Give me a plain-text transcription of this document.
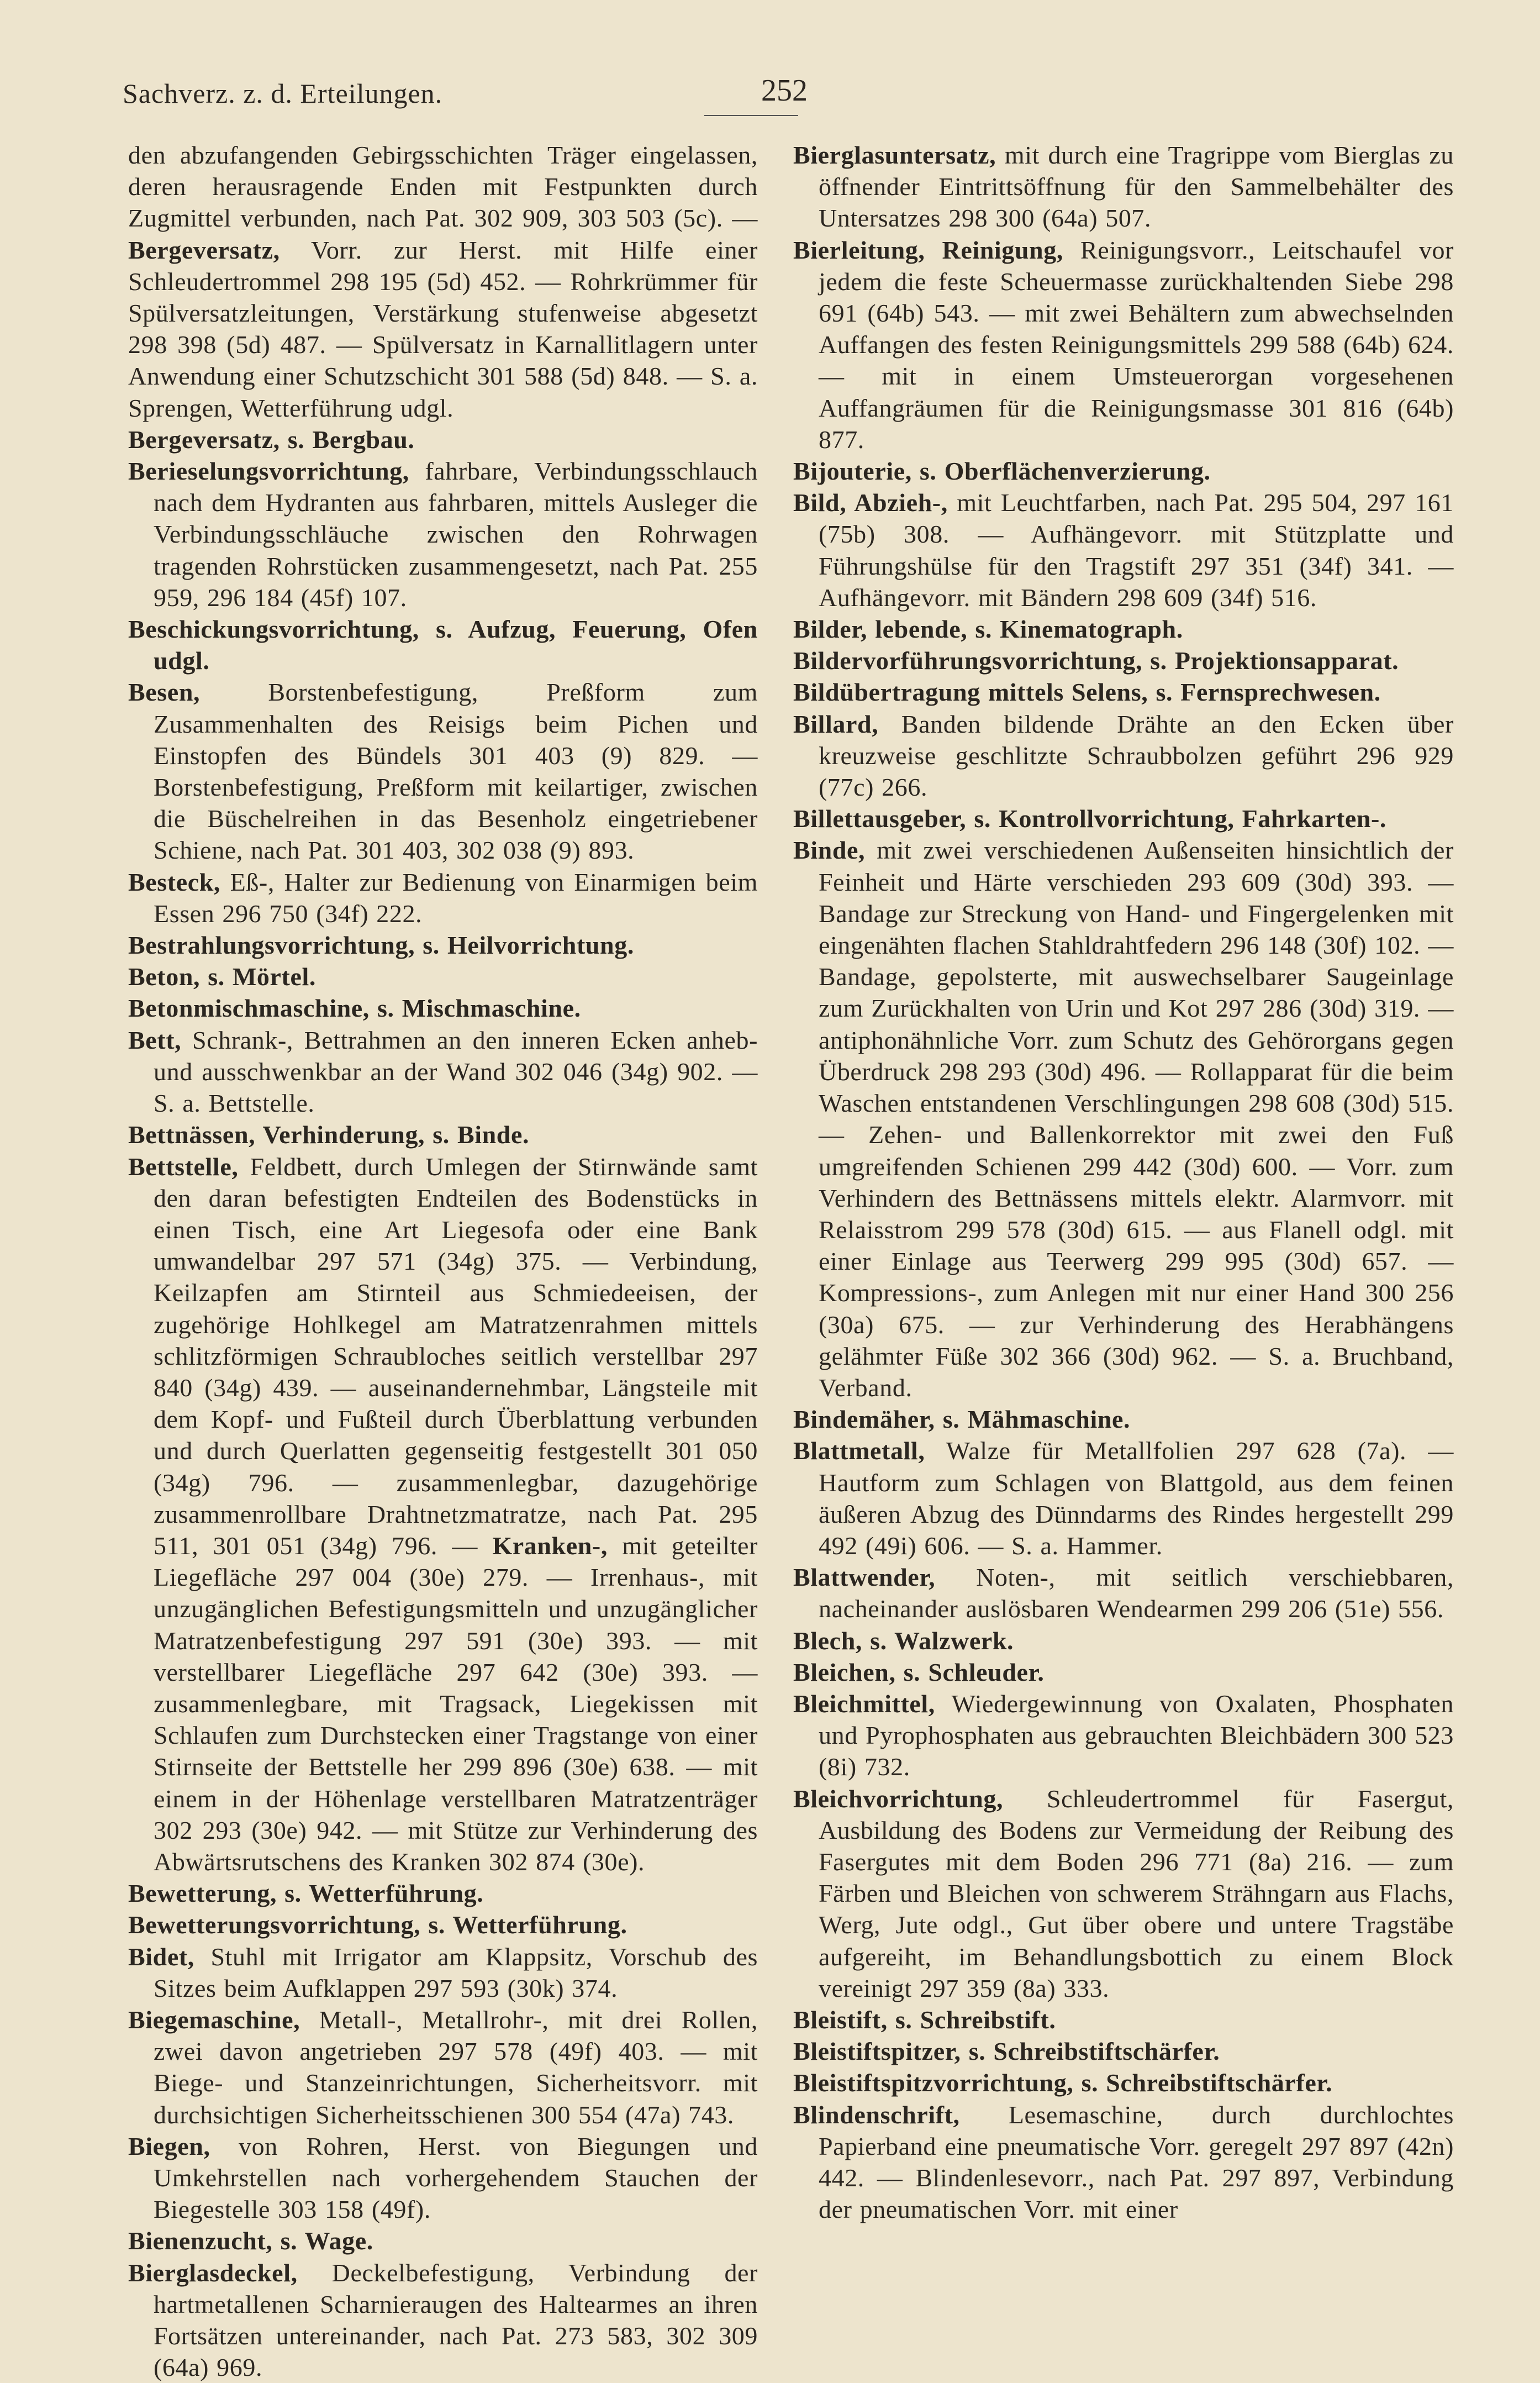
Sachverz. z. d. Erteilungen.	252

den abzufangenden Gebirgsschichten Träger eingelassen, deren herausragende Enden mit Festpunkten durch Zugmittel verbunden, nach Pat. 302 909, 303 503 (5c). — Bergeversatz, Vorr. zur Herst. mit Hilfe einer Schleudertrommel 298 195 (5d) 452. — Rohrkrümmer für Spülversatzleitungen, Verstärkung stufenweise abgesetzt 298 398 (5d) 487. — Spülversatz in Karnallitlagern unter Anwendung einer Schutzschicht 301 588 (5d) 848. — S. a. Sprengen, Wetterführung udgl.

Bergeversatz, s. Bergbau.

Berieselungsvorrichtung, fahrbare, Verbindungsschlauch nach dem Hydranten aus fahrbaren, mittels Ausleger die Verbindungsschläuche zwischen den Rohrwagen tragenden Rohrstücken zusammengesetzt, nach Pat. 255 959, 296 184 (45f) 107.

Beschickungsvorrichtung, s. Aufzug, Feuerung, Ofen udgl.

Besen, Borstenbefestigung, Preßform zum Zusammenhalten des Reisigs beim Pichen und Einstopfen des Bündels 301 403 (9) 829. — Borstenbefestigung, Preßform mit keilartiger, zwischen die Büschelreihen in das Besenholz eingetriebener Schiene, nach Pat. 301 403, 302 038 (9) 893.

Besteck, Eß-, Halter zur Bedienung von Einarmigen beim Essen 296 750 (34f) 222.

Bestrahlungsvorrichtung, s. Heilvorrichtung.

Beton, s. Mörtel.

Betonmischmaschine, s. Mischmaschine.

Bett, Schrank-, Bettrahmen an den inneren Ecken anheb- und ausschwenkbar an der Wand 302 046 (34g) 902. — S. a. Bettstelle.

Bettnässen, Verhinderung, s. Binde.

Bettstelle, Feldbett, durch Umlegen der Stirnwände samt den daran befestigten Endteilen des Bodenstücks in einen Tisch, eine Art Liegesofa oder eine Bank umwandelbar 297 571 (34g) 375. — Verbindung, Keilzapfen am Stirnteil aus Schmiedeeisen, der zugehörige Hohlkegel am Matratzenrahmen mittels schlitzförmigen Schraubloches seitlich verstellbar 297 840 (34g) 439. — auseinandernehmbar, Längsteile mit dem Kopf- und Fußteil durch Überblattung verbunden und durch Querlatten gegenseitig festgestellt 301 050 (34g) 796. — zusammenlegbar, dazugehörige zusammenrollbare Drahtnetzmatratze, nach Pat. 295 511, 301 051 (34g) 796. — Kranken-, mit geteilter Liegefläche 297 004 (30e) 279. — Irrenhaus-, mit unzugänglichen Befestigungsmitteln und unzugänglicher Matratzenbefestigung 297 591 (30e) 393. — mit verstellbarer Liegefläche 297 642 (30e) 393. — zusammenlegbare, mit Tragsack, Liegekissen mit Schlaufen zum Durchstecken einer Tragstange von einer Stirnseite der Bettstelle her 299 896 (30e) 638. — mit einem in der Höhenlage verstellbaren Matratzenträger 302 293 (30e) 942. — mit Stütze zur Verhinderung des Abwärtsrutschens des Kranken 302 874 (30e).

Bewetterung, s. Wetterführung.

Bewetterungsvorrichtung, s. Wetterführung.

Bidet, Stuhl mit Irrigator am Klappsitz, Vorschub des Sitzes beim Aufklappen 297 593 (30k) 374.

Biegemaschine, Metall-, Metallrohr-, mit drei Rollen, zwei davon angetrieben 297 578 (49f) 403. — mit Biege- und Stanzeinrichtungen, Sicherheitsvorr. mit durchsichtigen Sicherheitsschienen 300 554 (47a) 743.

Biegen, von Rohren, Herst. von Biegungen und Umkehrstellen nach vorhergehendem Stauchen der Biegestelle 303 158 (49f).

Bienenzucht, s. Wage.

Bierglasdeckel, Deckelbefestigung, Verbindung der hartmetallenen Scharnieraugen des Haltearmes an ihren Fortsätzen untereinander, nach Pat. 273 583, 302 309 (64a) 969.

Bierglasuntersatz, mit durch eine Tragrippe vom Bierglas zu öffnender Eintrittsöffnung für den Sammelbehälter des Untersatzes 298 300 (64a) 507.

Bierleitung, Reinigung, Reinigungsvorr., Leitschaufel vor jedem die feste Scheuermasse zurückhaltenden Siebe 298 691 (64b) 543. — mit zwei Behältern zum abwechselnden Auffangen des festen Reinigungsmittels 299 588 (64b) 624. — mit in einem Umsteuerorgan vorgesehenen Auffangräumen für die Reinigungsmasse 301 816 (64b) 877.

Bijouterie, s. Oberflächenverzierung.

Bild, Abzieh-, mit Leuchtfarben, nach Pat. 295 504, 297 161 (75b) 308. — Aufhängevorr. mit Stützplatte und Führungshülse für den Tragstift 297 351 (34f) 341. — Aufhängevorr. mit Bändern 298 609 (34f) 516.

Bilder, lebende, s. Kinematograph.

Bildervorführungsvorrichtung, s. Projektionsapparat.

Bildübertragung mittels Selens, s. Fernsprechwesen.

Billard, Banden bildende Drähte an den Ecken über kreuzweise geschlitzte Schraubbolzen geführt 296 929 (77c) 266.

Billettausgeber, s. Kontrollvorrichtung, Fahrkarten-.

Binde, mit zwei verschiedenen Außenseiten hinsichtlich der Feinheit und Härte verschieden 293 609 (30d) 393. — Bandage zur Streckung von Hand- und Fingergelenken mit eingenähten flachen Stahldrahtfedern 296 148 (30f) 102. — Bandage, gepolsterte, mit auswechselbarer Saugeinlage zum Zurückhalten von Urin und Kot 297 286 (30d) 319. — antiphonähnliche Vorr. zum Schutz des Gehörorgans gegen Überdruck 298 293 (30d) 496. — Rollapparat für die beim Waschen entstandenen Verschlingungen 298 608 (30d) 515. — Zehen- und Ballenkorrektor mit zwei den Fuß umgreifenden Schienen 299 442 (30d) 600. — Vorr. zum Verhindern des Bettnässens mittels elektr. Alarmvorr. mit Relaisstrom 299 578 (30d) 615. — aus Flanell odgl. mit einer Einlage aus Teerwerg 299 995 (30d) 657. — Kompressions-, zum Anlegen mit nur einer Hand 300 256 (30a) 675. — zur Verhinderung des Herabhängens gelähmter Füße 302 366 (30d) 962. — S. a. Bruchband, Verband.

Bindemäher, s. Mähmaschine.

Blattmetall, Walze für Metallfolien 297 628 (7a). — Hautform zum Schlagen von Blattgold, aus dem feinen äußeren Abzug des Dünndarms des Rindes hergestellt 299 492 (49i) 606. — S. a. Hammer.

Blattwender, Noten-, mit seitlich verschiebbaren, nacheinander auslösbaren Wendearmen 299 206 (51e) 556.

Blech, s. Walzwerk.

Bleichen, s. Schleuder.

Bleichmittel, Wiedergewinnung von Oxalaten, Phosphaten und Pyrophosphaten aus gebrauchten Bleichbädern 300 523 (8i) 732.

Bleichvorrichtung, Schleudertrommel für Fasergut, Ausbildung des Bodens zur Vermeidung der Reibung des Fasergutes mit dem Boden 296 771 (8a) 216. — zum Färben und Bleichen von schwerem Strähngarn aus Flachs, Werg, Jute odgl., Gut über obere und untere Tragstäbe aufgereiht, im Behandlungsbottich zu einem Block vereinigt 297 359 (8a) 333.

Bleistift, s. Schreibstift.

Bleistiftspitzer, s. Schreibstiftschärfer.

Bleistiftspitzvorrichtung, s. Schreibstiftschärfer.

Blindenschrift, Lesemaschine, durch durchlochtes Papierband eine pneumatische Vorr. geregelt 297 897 (42n) 442. — Blindenlesevorr., nach Pat. 297 897, Verbindung der pneumatischen Vorr. mit einer
